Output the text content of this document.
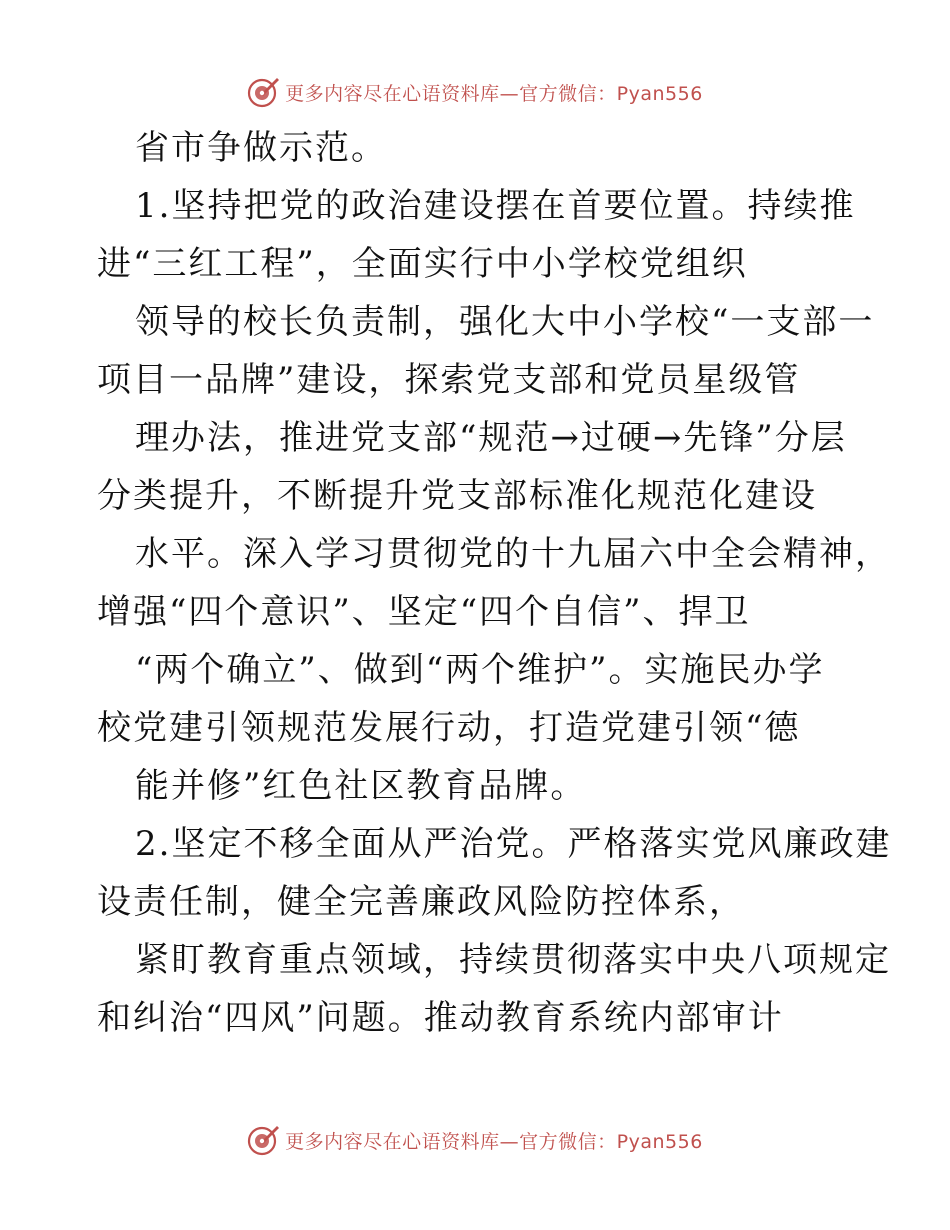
更多内容尽在心语资料库—官方微信：Pyan556
省市争做示范。
1.坚持把党的政治建设摆在首要位置。持续推
进“三红工程”，全面实行中小学校党组织
领导的校长负责制，强化大中小学校“一支部一
项目一品牌”建设，探索党支部和党员星级管
理办法，推进党支部“规范→过硬→先锋”分层
分类提升，不断提升党支部标准化规范化建设
水平。深入学习贯彻党的十九届六中全会精神，
增强“四个意识”、坚定“四个自信”、捍卫
“两个确立”、做到“两个维护”。实施民办学
校党建引领规范发展行动，打造党建引领“德
能并修”红色社区教育品牌。
2.坚定不移全面从严治党。严格落实党风廉政建
设责任制，健全完善廉政风险防控体系，
紧盯教育重点领域，持续贯彻落实中央八项规定
和纠治“四风”问题。推动教育系统内部审计
更多内容尽在心语资料库—官方微信：Pyan556
